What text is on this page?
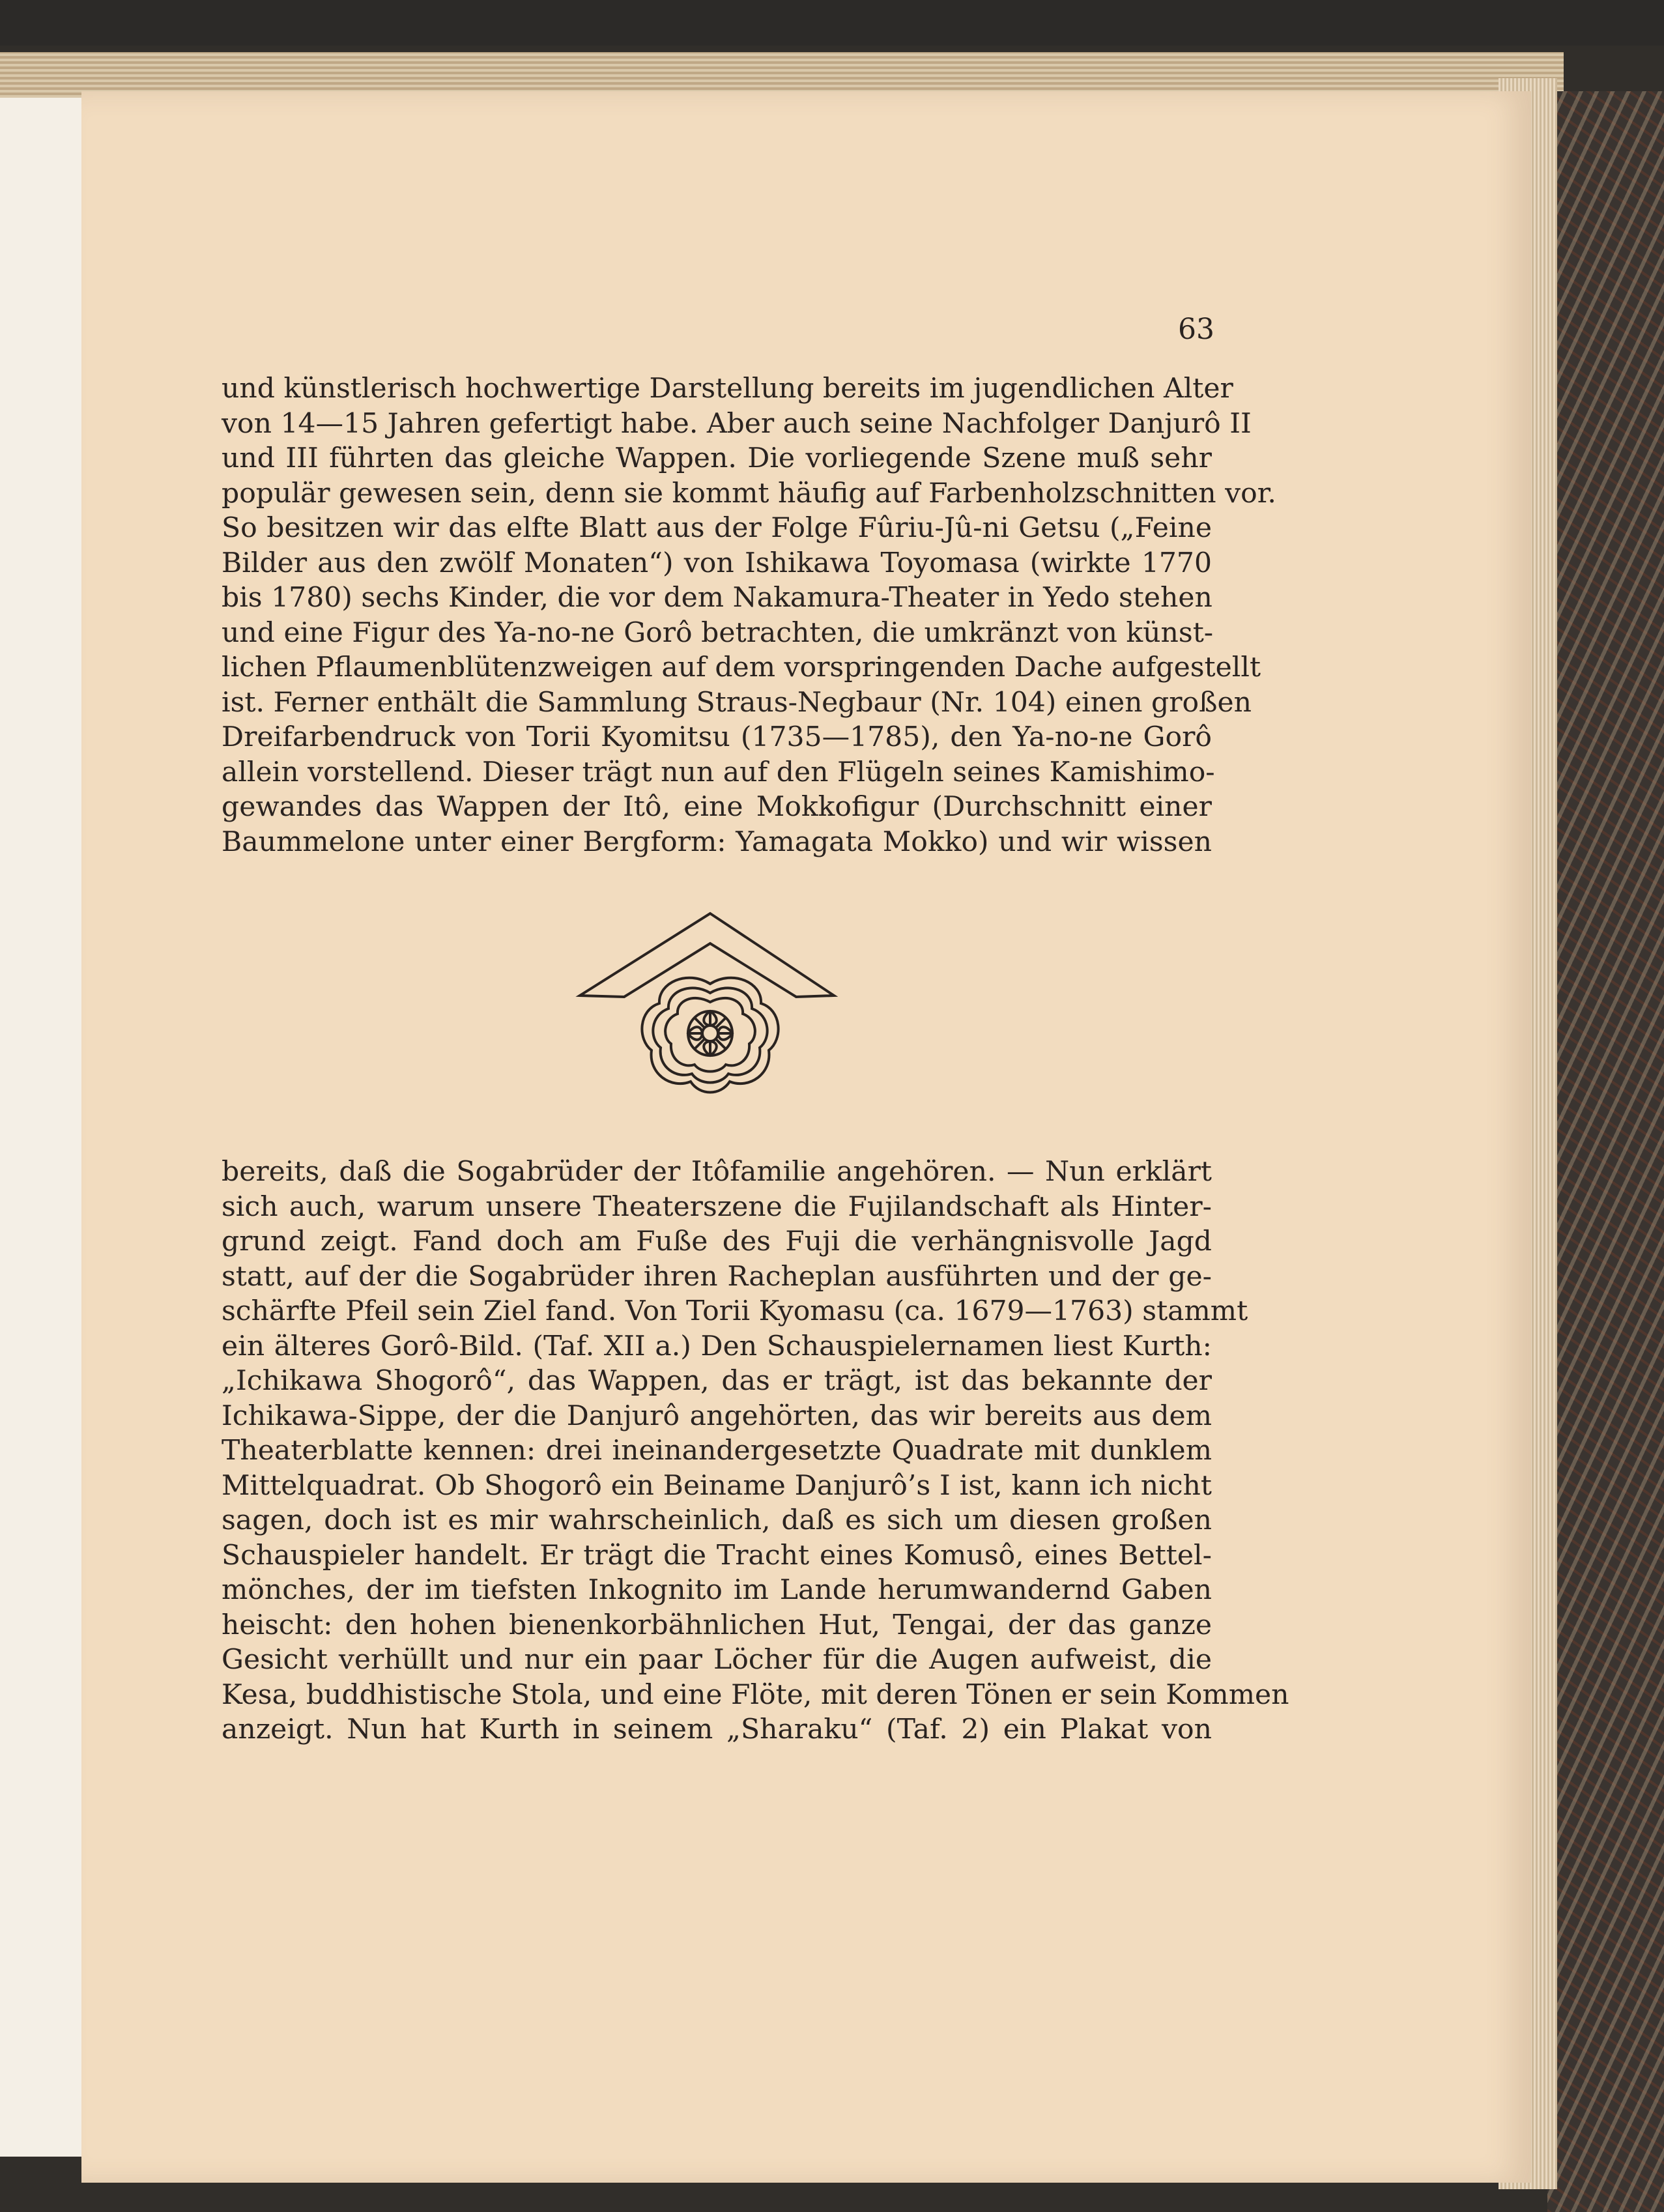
63
und künstlerisch hochwertige Darstellung bereits im jugendlichen Alter
von 14—15 Jahren gefertigt habe. Aber auch seine Nachfolger Danjurô II
und III führten das gleiche Wappen. Die vorliegende Szene muß sehr
populär gewesen sein, denn sie kommt häufig auf Farbenholzschnitten vor.
So besitzen wir das elfte Blatt aus der Folge Fûriu-Jû-ni Getsu („Feine
Bilder aus den zwölf Monaten“) von Ishikawa Toyomasa (wirkte 1770
bis 1780) sechs Kinder, die vor dem Nakamura-Theater in Yedo stehen
und eine Figur des Ya-no-ne Gorô betrachten, die umkränzt von künst-
lichen Pflaumenblütenzweigen auf dem vorspringenden Dache aufgestellt
ist. Ferner enthält die Sammlung Straus-Negbaur (Nr. 104) einen großen
Dreifarbendruck von Torii Kyomitsu (1735—1785), den Ya-no-ne Gorô
allein vorstellend. Dieser trägt nun auf den Flügeln seines Kamishimo-
gewandes das Wappen der Itô, eine Mokkofigur (Durchschnitt einer
Baummelone unter einer Bergform: Yamagata Mokko) und wir wissen
bereits, daß die Sogabrüder der Itôfamilie angehören. — Nun erklärt
sich auch, warum unsere Theaterszene die Fujilandschaft als Hinter-
grund zeigt. Fand doch am Fuße des Fuji die verhängnisvolle Jagd
statt, auf der die Sogabrüder ihren Racheplan ausführten und der ge-
schärfte Pfeil sein Ziel fand. Von Torii Kyomasu (ca. 1679—1763) stammt
ein älteres Gorô-Bild. (Taf. XII a.) Den Schauspielernamen liest Kurth:
„Ichikawa Shogorô“, das Wappen, das er trägt, ist das bekannte der
Ichikawa-Sippe, der die Danjurô angehörten, das wir bereits aus dem
Theaterblatte kennen: drei ineinandergesetzte Quadrate mit dunklem
Mittelquadrat. Ob Shogorô ein Beiname Danjurô’s I ist, kann ich nicht
sagen, doch ist es mir wahrscheinlich, daß es sich um diesen großen
Schauspieler handelt. Er trägt die Tracht eines Komusô, eines Bettel-
mönches, der im tiefsten Inkognito im Lande herumwandernd Gaben
heischt: den hohen bienenkorbähnlichen Hut, Tengai, der das ganze
Gesicht verhüllt und nur ein paar Löcher für die Augen aufweist, die
Kesa, buddhistische Stola, und eine Flöte, mit deren Tönen er sein Kommen
anzeigt. Nun hat Kurth in seinem „Sharaku“ (Taf. 2) ein Plakat von
